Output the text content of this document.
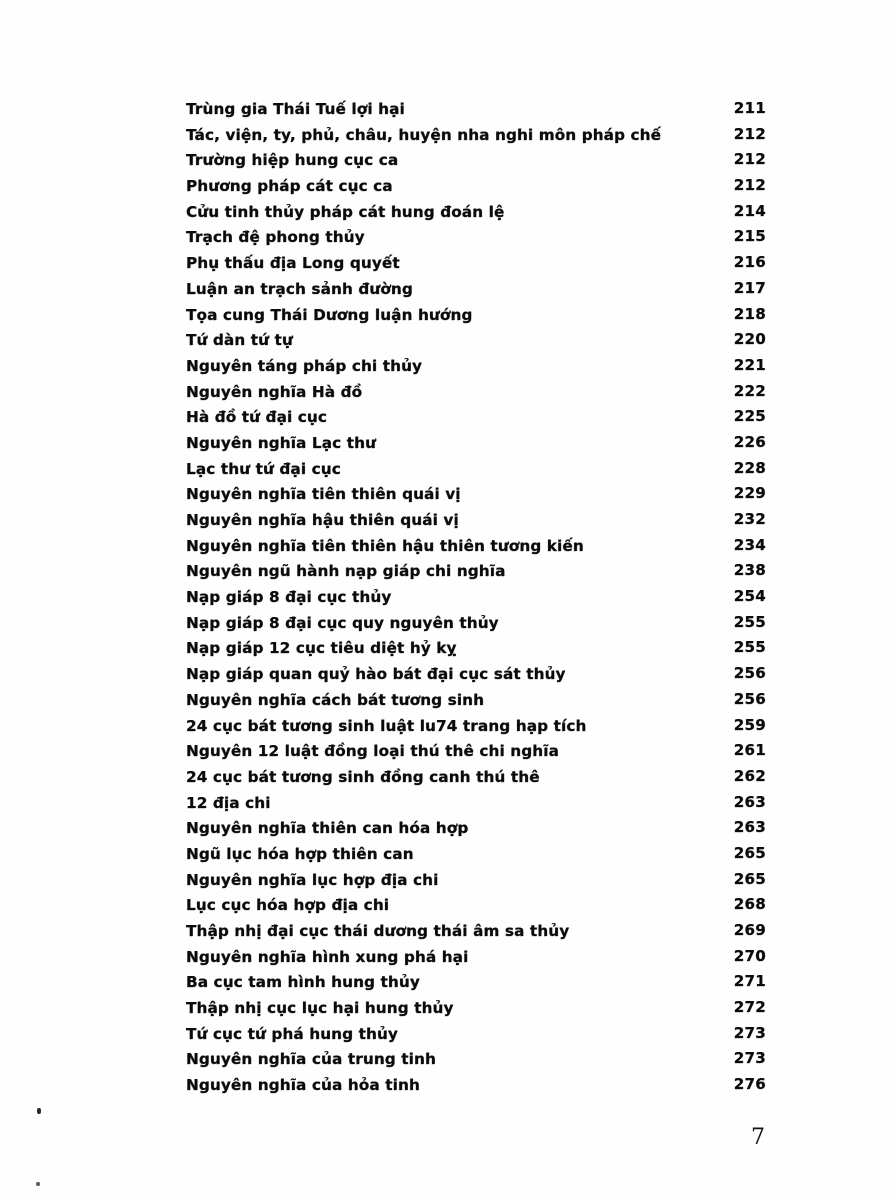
Trùng gia Thái Tuế lợi hại	211
Tác, viện, ty, phủ, châu, huyện nha nghi môn pháp chế	212
Trường hiệp hung cục ca	212
Phương pháp cát cục ca	212
Cửu tinh thủy pháp cát hung đoán lệ	214
Trạch đệ phong thủy	215
Phụ thấu địa Long quyết	216
Luận an trạch sảnh đường	217
Tọa cung Thái Dương luận hướng	218
Tứ dàn tứ tự	220
Nguyên táng pháp chi thủy	221
Nguyên nghĩa Hà đồ	222
Hà đồ tứ đại cục	225
Nguyên nghĩa Lạc thư	226
Lạc thư tứ đại cục	228
Nguyên nghĩa tiên thiên quái vị	229
Nguyên nghĩa hậu thiên quái vị	232
Nguyên nghĩa tiên thiên hậu thiên tương kiến	234
Nguyên ngũ hành nạp giáp chi nghĩa	238
Nạp giáp 8 đại cục thủy	254
Nạp giáp 8 đại cục quy nguyên thủy	255
Nạp giáp 12 cục tiêu diệt hỷ kỵ	255
Nạp giáp quan quỷ hào bát đại cục sát thủy	256
Nguyên nghĩa cách bát tương sinh	256
24 cục bát tương sinh luật lu74 trang hạp tích	259
Nguyên 12 luật đồng loại thú thê chi nghĩa	261
24 cục bát tương sinh đồng canh thú thê	262
12 địa chi	263
Nguyên nghĩa thiên can hóa hợp	263
Ngũ lục hóa hợp thiên can	265
Nguyên nghĩa lục hợp địa chi	265
Lục cục hóa hợp địa chi	268
Thập nhị đại cục thái dương thái âm sa thủy	269
Nguyên nghĩa hình xung phá hại	270
Ba cục tam hình hung thủy	271
Thập nhị cục lục hại hung thủy	272
Tứ cục tứ phá hung thủy	273
Nguyên nghĩa của trung tinh	273
Nguyên nghĩa của hỏa tinh	276
7
